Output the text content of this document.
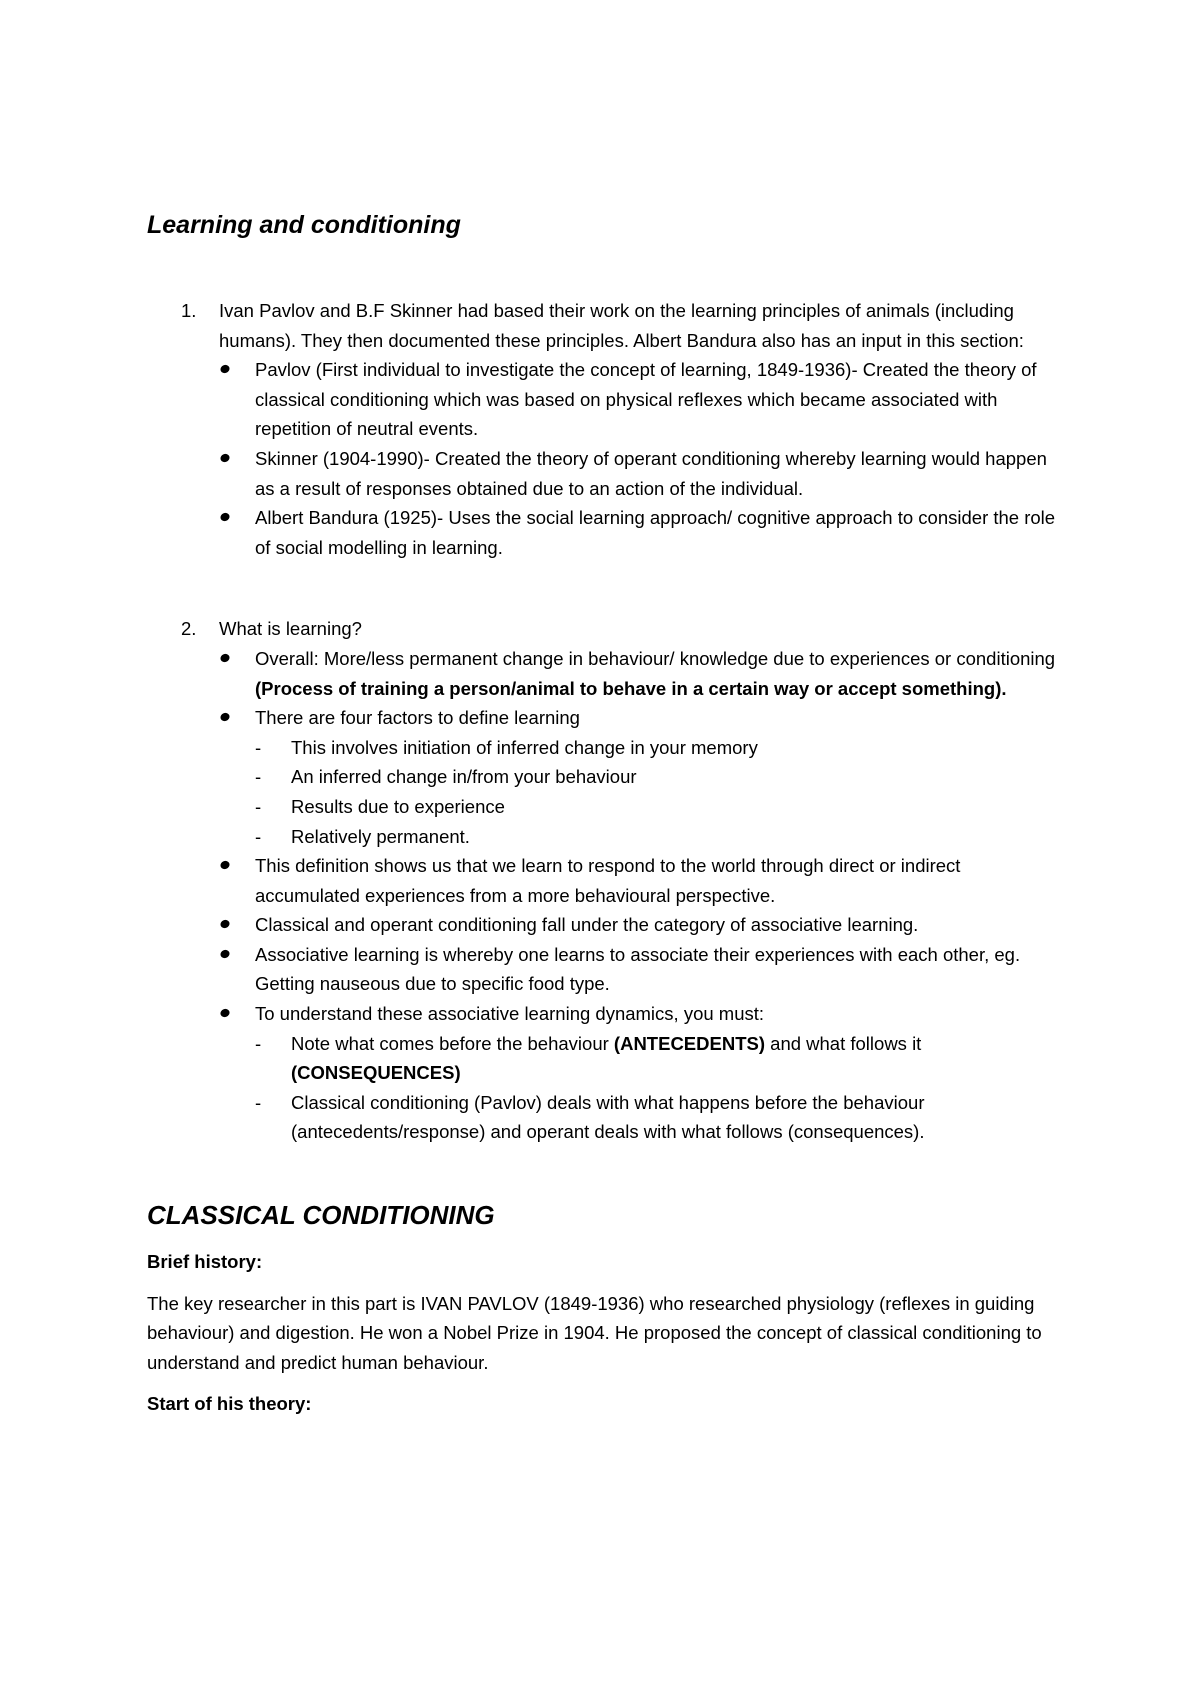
Learning and conditioning
1. Ivan Pavlov and B.F Skinner had based their work on the learning principles of animals (including humans). They then documented these principles. Albert Bandura also has an input in this section:
Pavlov (First individual to investigate the concept of learning, 1849-1936)- Created the theory of classical conditioning which was based on physical reflexes which became associated with repetition of neutral events.
Skinner (1904-1990)- Created the theory of operant conditioning whereby learning would happen as a result of responses obtained due to an action of the individual.
Albert Bandura (1925)- Uses the social learning approach/ cognitive approach to consider the role of social modelling in learning.
2. What is learning?
Overall: More/less permanent change in behaviour/ knowledge due to experiences or conditioning (Process of training a person/animal to behave in a certain way or accept something).
There are four factors to define learning
- This involves initiation of inferred change in your memory
- An inferred change in/from your behaviour
- Results due to experience
- Relatively permanent.
This definition shows us that we learn to respond to the world through direct or indirect accumulated experiences from a more behavioural perspective.
Classical and operant conditioning fall under the category of associative learning.
Associative learning is whereby one learns to associate their experiences with each other, eg. Getting nauseous due to specific food type.
To understand these associative learning dynamics, you must:
- Note what comes before the behaviour (ANTECEDENTS) and what follows it (CONSEQUENCES)
- Classical conditioning (Pavlov) deals with what happens before the behaviour (antecedents/response) and operant deals with what follows (consequences).
CLASSICAL CONDITIONING

Brief history:

The key researcher in this part is IVAN PAVLOV (1849-1936) who researched physiology (reflexes in guiding behaviour) and digestion. He won a Nobel Prize in 1904. He proposed the concept of classical conditioning to understand and predict human behaviour.

Start of his theory:
